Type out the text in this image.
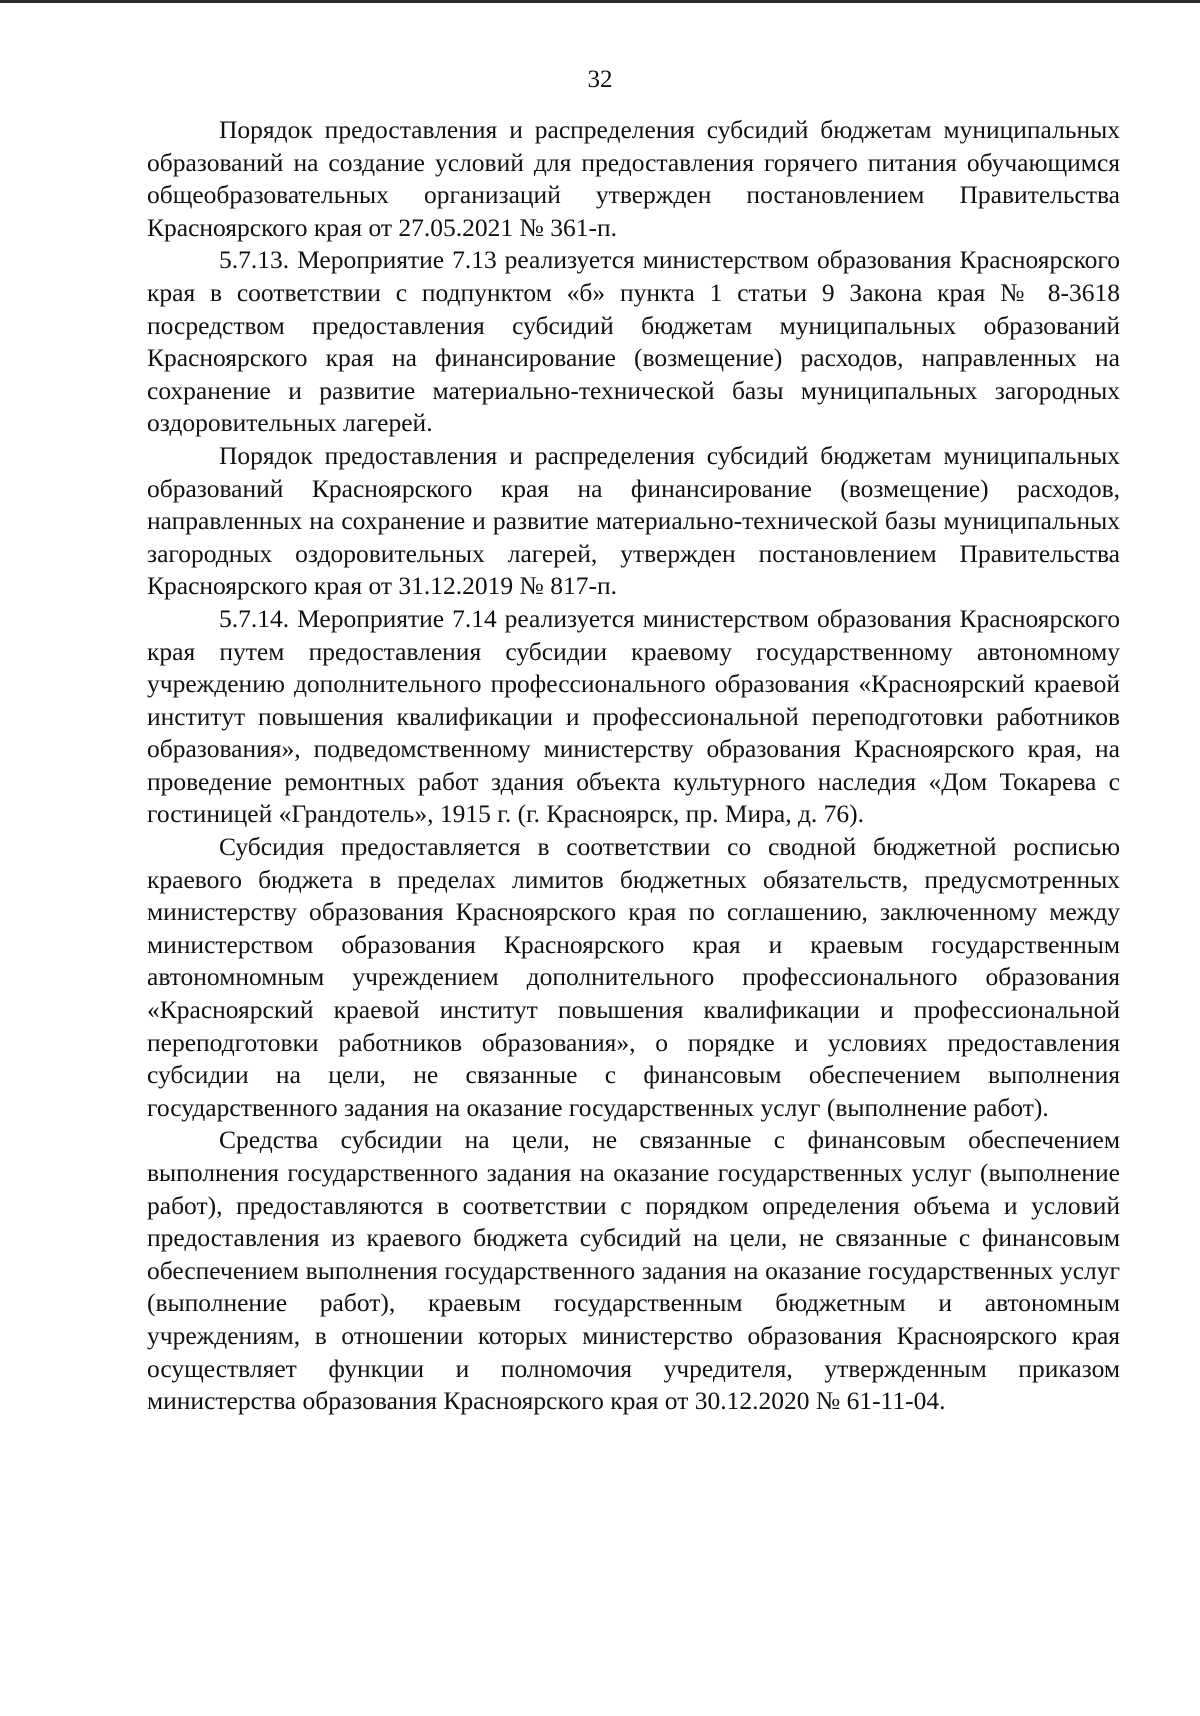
32

Порядок предоставления и распределения субсидий бюджетам муниципальных образований на создание условий для предоставления горячего питания обучающимся общеобразовательных организаций утвержден постановлением Правительства Красноярского края от 27.05.2021 № 361-п.

5.7.13. Мероприятие 7.13 реализуется министерством образования Красноярского края в соответствии с подпунктом «б» пункта 1 статьи 9 Закона края № 8-3618 посредством предоставления субсидий бюджетам муниципальных образований Красноярского края на финансирование (возмещение) расходов, направленных на сохранение и развитие материально-технической базы муниципальных загородных оздоровительных лагерей.

Порядок предоставления и распределения субсидий бюджетам муниципальных образований Красноярского края на финансирование (возмещение) расходов, направленных на сохранение и развитие материально-технической базы муниципальных загородных оздоровительных лагерей, утвержден постановлением Правительства Красноярского края от 31.12.2019 № 817-п.

5.7.14. Мероприятие 7.14 реализуется министерством образования Красноярского края путем предоставления субсидии краевому государственному автономному учреждению дополнительного профессионального образования «Красноярский краевой институт повышения квалификации и профессиональной переподготовки работников образования», подведомственному министерству образования Красноярского края, на проведение ремонтных работ здания объекта культурного наследия «Дом Токарева с гостиницей «Грандотель», 1915 г. (г. Красноярск, пр. Мира, д. 76).

Субсидия предоставляется в соответствии со сводной бюджетной росписью краевого бюджета в пределах лимитов бюджетных обязательств, предусмотренных министерству образования Красноярского края по соглашению, заключенному между министерством образования Красноярского края и краевым государственным автономномным учреждением дополнительного профессионального образования «Красноярский краевой институт повышения квалификации и профессиональной переподготовки работников образования», о порядке и условиях предоставления субсидии на цели, не связанные с финансовым обеспечением выполнения государственного задания на оказание государственных услуг (выполнение работ).

Средства субсидии на цели, не связанные с финансовым обеспечением выполнения государственного задания на оказание государственных услуг (выполнение работ), предоставляются в соответствии с порядком определения объема и условий предоставления из краевого бюджета субсидий на цели, не связанные с финансовым обеспечением выполнения государственного задания на оказание государственных услуг (выполнение работ), краевым государственным бюджетным и автономным учреждениям, в отношении которых министерство образования Красноярского края осуществляет функции и полномочия учредителя, утвержденным приказом министерства образования Красноярского края от 30.12.2020 № 61-11-04.
